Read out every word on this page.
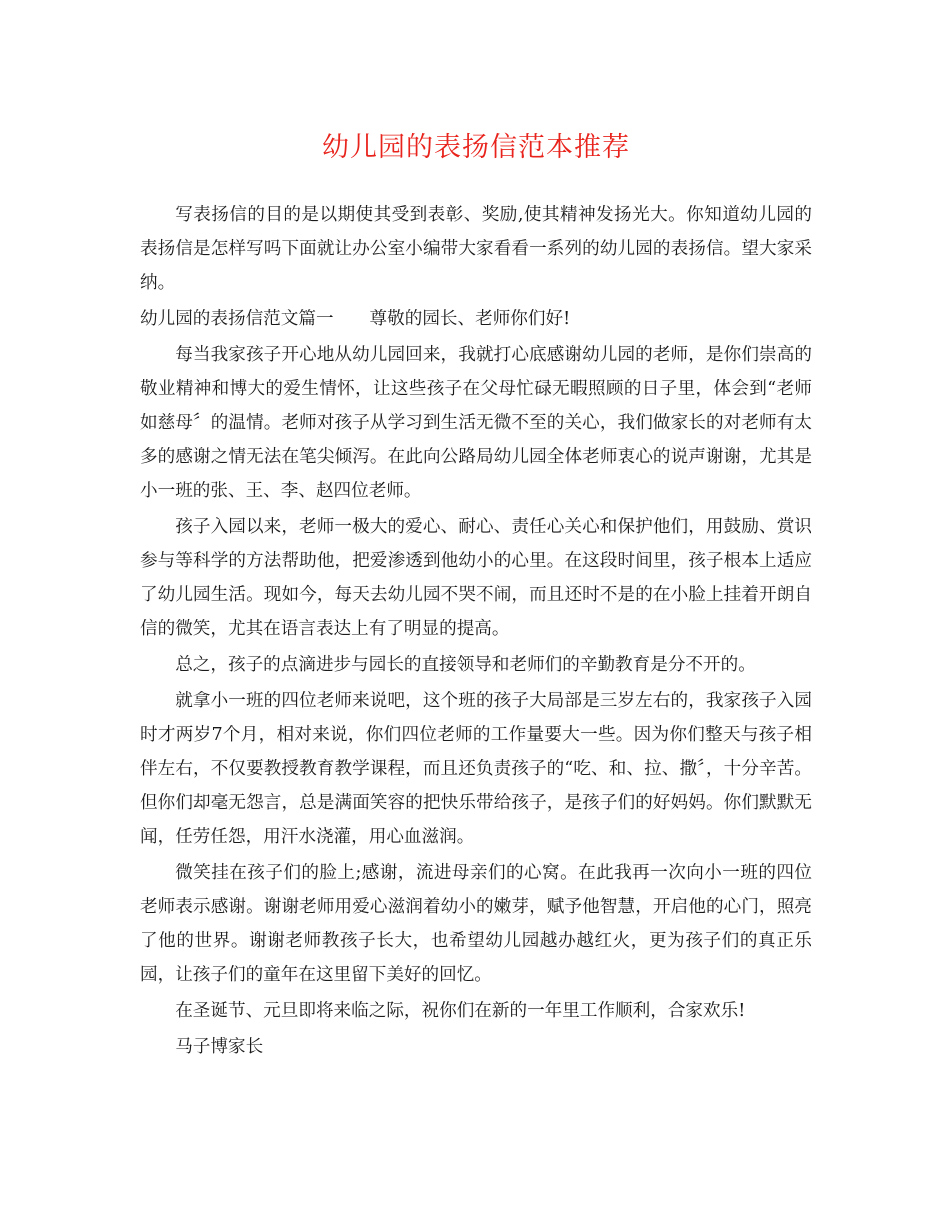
幼儿园的表扬信范本推荐

写表扬信的目的是以期使其受到表彰、奖励,使其精神发扬光大。你知道幼儿园的表扬信是怎样写吗下面就让办公室小编带大家看看一系列的幼儿园的表扬信。望大家采纳。

幼儿园的表扬信范文篇一 尊敬的园长、老师你们好!

每当我家孩子开心地从幼儿园回来，我就打心底感谢幼儿园的老师，是你们崇高的敬业精神和博大的爱生情怀，让这些孩子在父母忙碌无暇照顾的日子里，体会到“老师如慈母〞的温情。老师对孩子从学习到生活无微不至的关心，我们做家长的对老师有太多的感谢之情无法在笔尖倾泻。在此向公路局幼儿园全体老师衷心的说声谢谢，尤其是小一班的张、王、李、赵四位老师。

孩子入园以来，老师一极大的爱心、耐心、责任心关心和保护他们，用鼓励、赏识参与等科学的方法帮助他，把爱渗透到他幼小的心里。在这段时间里，孩子根本上适应了幼儿园生活。现如今，每天去幼儿园不哭不闹，而且还时不是的在小脸上挂着开朗自信的微笑，尤其在语言表达上有了明显的提高。

总之，孩子的点滴进步与园长的直接领导和老师们的辛勤教育是分不开的。

就拿小一班的四位老师来说吧，这个班的孩子大局部是三岁左右的，我家孩子入园时才两岁7个月，相对来说，你们四位老师的工作量要大一些。因为你们整天与孩子相伴左右，不仅要教授教育教学课程，而且还负责孩子的“吃、和、拉、撒〞，十分辛苦。但你们却毫无怨言，总是满面笑容的把快乐带给孩子，是孩子们的好妈妈。你们默默无闻，任劳任怨，用汗水浇灌，用心血滋润。

微笑挂在孩子们的脸上;感谢，流进母亲们的心窝。在此我再一次向小一班的四位老师表示感谢。谢谢老师用爱心滋润着幼小的嫩芽，赋予他智慧，开启他的心门，照亮了他的世界。谢谢老师教孩子长大，也希望幼儿园越办越红火，更为孩子们的真正乐园，让孩子们的童年在这里留下美好的回忆。

在圣诞节、元旦即将来临之际，祝你们在新的一年里工作顺利，合家欢乐!

马子博家长
